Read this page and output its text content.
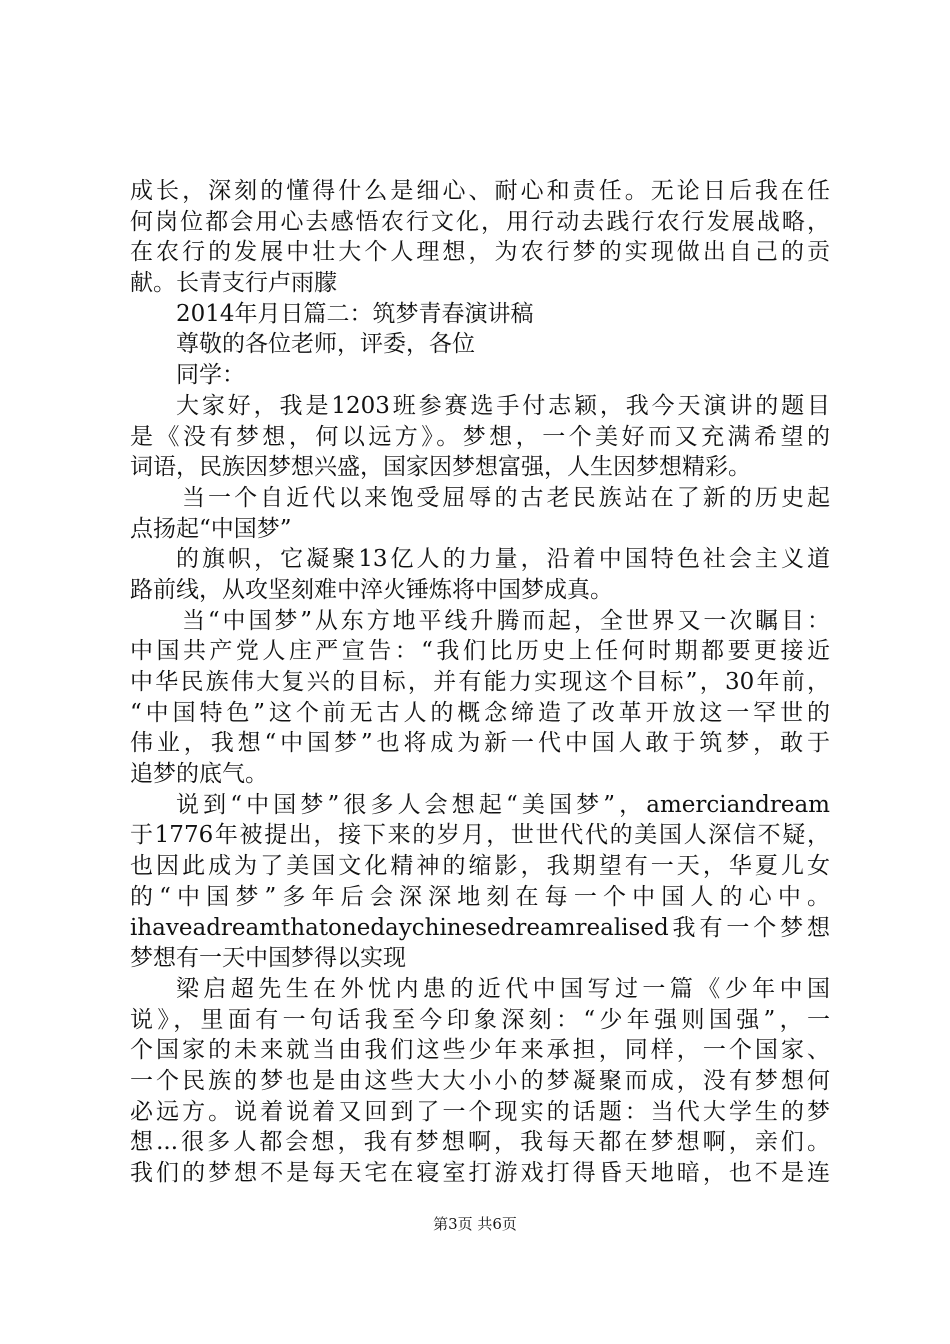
成长，深刻的懂得什么是细心、耐心和责任。无论日后我在任
何岗位都会用心去感悟农行文化，用行动去践行农行发展战略，
在农行的发展中壮大个人理想，为农行梦的实现做出自己的贡
献。长青支行卢雨朦
2014年月日篇二：筑梦青春演讲稿
尊敬的各位老师，评委，各位
同学：
大家好，我是1203班参赛选手付志颖，我今天演讲的题目
是《没有梦想，何以远方》。梦想，一个美好而又充满希望的
词语，民族因梦想兴盛，国家因梦想富强，人生因梦想精彩。
当一个自近代以来饱受屈辱的古老民族站在了新的历史起
点扬起“中国梦”
的旗帜，它凝聚13亿人的力量，沿着中国特色社会主义道
路前线，从攻坚刻难中淬火锤炼将中国梦成真。
当“中国梦”从东方地平线升腾而起，全世界又一次瞩目：
中国共产党人庄严宣告：“我们比历史上任何时期都要更接近
中华民族伟大复兴的目标，并有能力实现这个目标”，30年前，
“中国特色”这个前无古人的概念缔造了改革开放这一罕世的
伟业，我想“中国梦”也将成为新一代中国人敢于筑梦，敢于
追梦的底气。
说到“中国梦”很多人会想起“美国梦”，amerciandream
于1776年被提出，接下来的岁月，世世代代的美国人深信不疑，
也因此成为了美国文化精神的缩影，我期望有一天，华夏儿女
的“中国梦”多年后会深深地刻在每一个中国人的心中。
ihaveadreamthatonedaychinesedreamrealised我有一个梦想
梦想有一天中国梦得以实现
梁启超先生在外忧内患的近代中国写过一篇《少年中国
说》，里面有一句话我至今印象深刻：“少年强则国强”，一
个国家的未来就当由我们这些少年来承担，同样，一个国家、
一个民族的梦也是由这些大大小小的梦凝聚而成，没有梦想何
必远方。说着说着又回到了一个现实的话题：当代大学生的梦
想...很多人都会想，我有梦想啊，我每天都在梦想啊，亲们。
我们的梦想不是每天宅在寝室打游戏打得昏天地暗，也不是连
第3页 共6页
